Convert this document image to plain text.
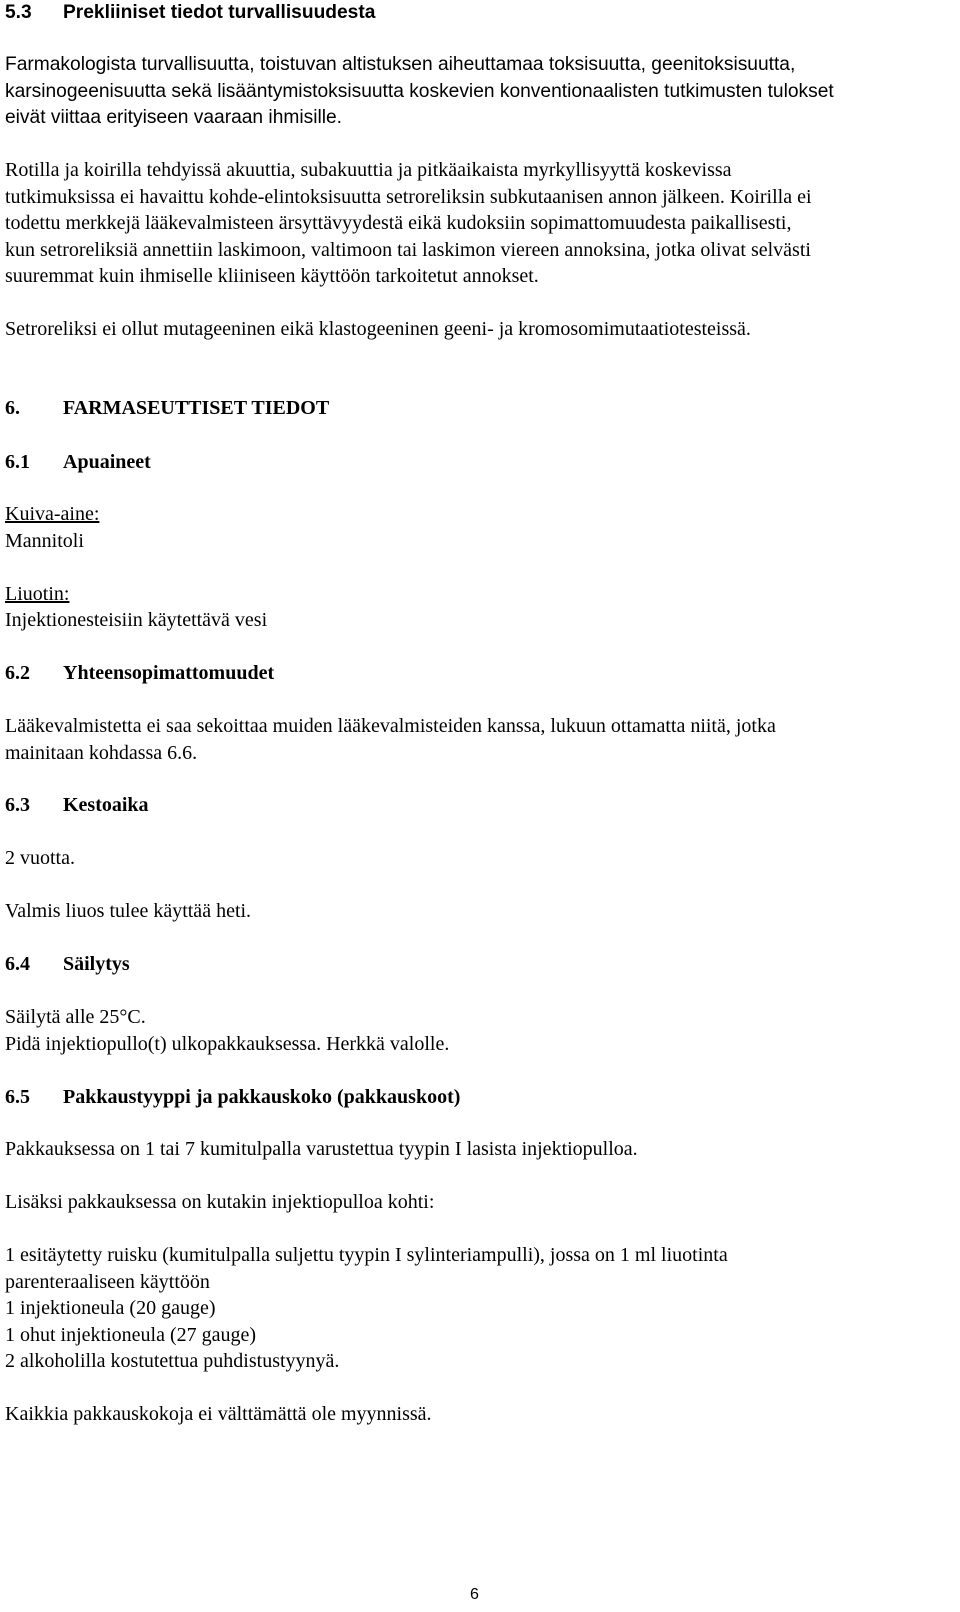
5.3 Prekliiniset tiedot turvallisuudesta

Farmakologista turvallisuutta, toistuvan altistuksen aiheuttamaa toksisuutta, geenitoksisuutta,

karsinogeenisuutta sekä lisääntymistoksisuutta koskevien konventionaalisten tutkimusten tulokset

eivät viittaa erityiseen vaaraan ihmisille.

Rotilla ja koirilla tehdyissä akuuttia, subakuuttia ja pitkäaikaista myrkyllisyyttä koskevissa

tutkimuksissa ei havaittu kohde-elintoksisuutta setroreliksin subkutaanisen annon jälkeen. Koirilla ei

todettu merkkejä lääkevalmisteen ärsyttävyydestä eikä kudoksiin sopimattomuudesta paikallisesti,

kun setroreliksiä annettiin laskimoon, valtimoon tai laskimon viereen annoksina, jotka olivat selvästi

suuremmat kuin ihmiselle kliiniseen käyttöön tarkoitetut annokset.

Setroreliksi ei ollut mutageeninen eikä klastogeeninen geeni- ja kromosomimutaatiotesteissä.

6. FARMASEUTTISET TIEDOT
6.1 Apuaineet

Kuiva-aine:

Mannitoli

Liuotin:

Injektionesteisiin käytettävä vesi

6.2 Yhteensopimattomuudet

Lääkevalmistetta ei saa sekoittaa muiden lääkevalmisteiden kanssa, lukuun ottamatta niitä, jotka

mainitaan kohdassa 6.6.

6.3 Kestoaika

2 vuotta.

Valmis liuos tulee käyttää heti.

6.4 Säilytys

Säilytä alle 25°C.

Pidä injektiopullo(t) ulkopakkauksessa. Herkkä valolle.

6.5 Pakkaustyyppi ja pakkauskoko (pakkauskoot)

Pakkauksessa on 1 tai 7 kumitulpalla varustettua tyypin I lasista injektiopulloa.

Lisäksi pakkauksessa on kutakin injektiopulloa kohti:

1 esitäytetty ruisku (kumitulpalla suljettu tyypin I sylinteriampulli), jossa on 1 ml liuotinta

parenteraaliseen käyttöön

1 injektioneula (20 gauge)

1 ohut injektioneula (27 gauge)

2 alkoholilla kostutettua puhdistustyynyä.

Kaikkia pakkauskokoja ei välttämättä ole myynnissä.

6
